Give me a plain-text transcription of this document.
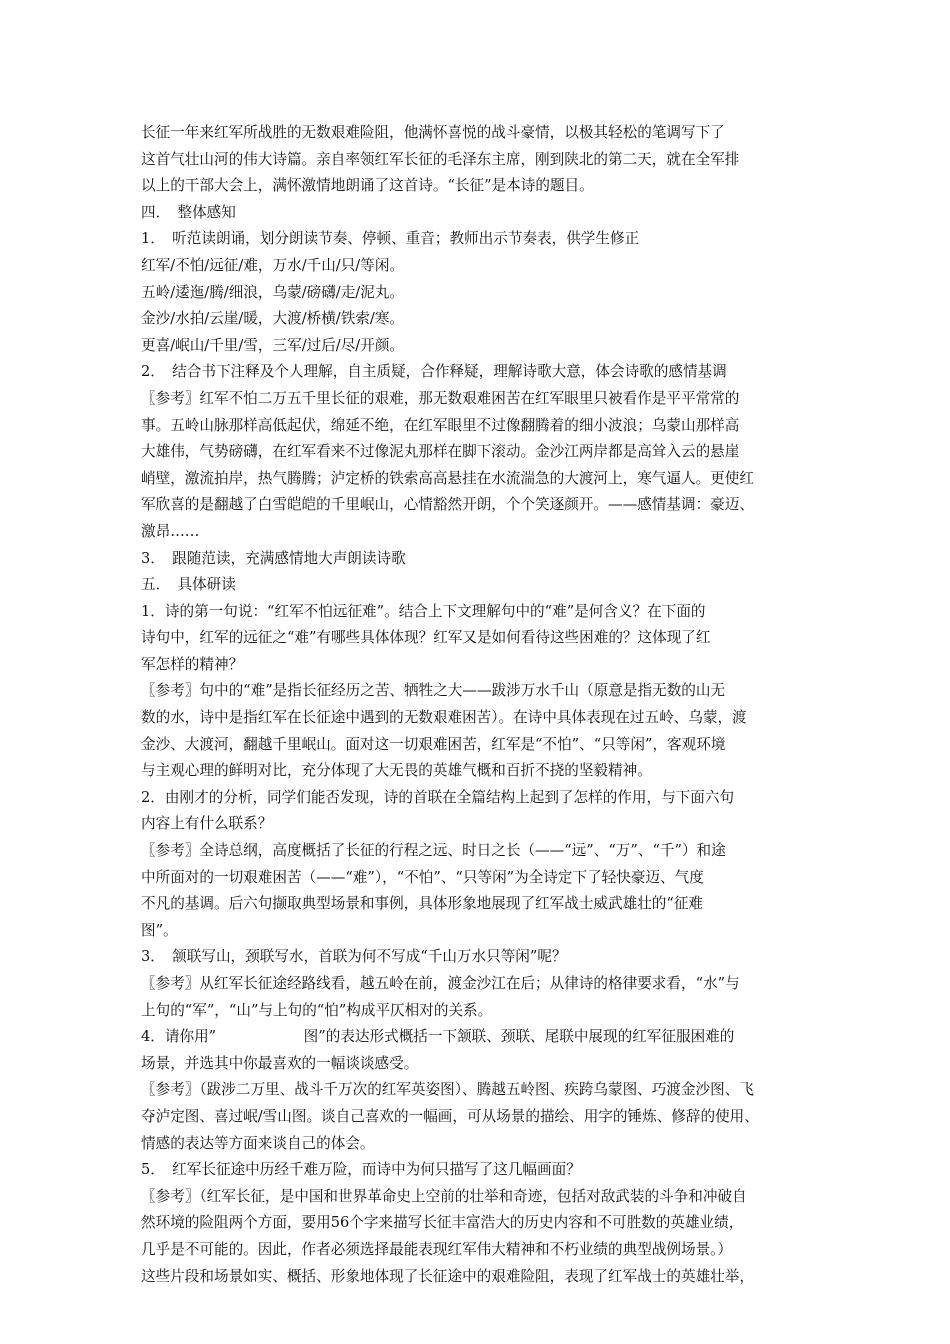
长征一年来红军所战胜的无数艰难险阻，他满怀喜悦的战斗豪情，以极其轻松的笔调写下了
这首气壮山河的伟大诗篇。亲自率领红军长征的毛泽东主席，刚到陕北的第二天，就在全军排
以上的干部大会上，满怀激情地朗诵了这首诗。“长征”是本诗的题目。
四．　整体感知
1．　听范读朗诵，划分朗读节奏、停顿、重音；教师出示节奏表，供学生修正
红军/不怕/远征/难，万水/千山/只/等闲。
五岭/逶迤/腾/细浪，乌蒙/磅礴/走/泥丸。
金沙/水拍/云崖/暖，大渡/桥横/铁索/寒。
更喜/岷山/千里/雪，三军/过后/尽/开颜。
2．　结合书下注释及个人理解，自主质疑，合作释疑，理解诗歌大意，体会诗歌的感情基调
〖参考〗红军不怕二万五千里长征的艰难，那无数艰难困苦在红军眼里只被看作是平平常常的
事。五岭山脉那样高低起伏，绵延不绝，在红军眼里不过像翻腾着的细小波浪；乌蒙山那样高
大雄伟，气势磅礴，在红军看来不过像泥丸那样在脚下滚动。金沙江两岸都是高耸入云的悬崖
峭壁，激流拍岸，热气腾腾；泸定桥的铁索高高悬挂在水流湍急的大渡河上，寒气逼人。更使红
军欣喜的是翻越了白雪皑皑的千里岷山，心情豁然开朗，个个笑逐颜开。——感情基调：豪迈、
激昂……
3．　跟随范读，充满感情地大声朗读诗歌
五．　具体研读
1．诗的第一句说：“红军不怕远征难”。结合上下文理解句中的“难”是何含义？在下面的
诗句中，红军的远征之“难”有哪些具体体现？红军又是如何看待这些困难的？这体现了红
军怎样的精神？
〖参考〗句中的“难”是指长征经历之苦、牺牲之大——跋涉万水千山（原意是指无数的山无
数的水，诗中是指红军在长征途中遇到的无数艰难困苦）。在诗中具体表现在过五岭、乌蒙，渡
金沙、大渡河，翻越千里岷山。面对这一切艰难困苦，红军是“不怕”、“只等闲”，客观环境
与主观心理的鲜明对比，充分体现了大无畏的英雄气概和百折不挠的坚毅精神。
2．由刚才的分析，同学们能否发现，诗的首联在全篇结构上起到了怎样的作用，与下面六句
内容上有什么联系？
〖参考〗全诗总纲，高度概括了长征的行程之远、时日之长（——“远”、“万”、“千”）和途
中所面对的一切艰难困苦（——“难”），“不怕”、“只等闲”为全诗定下了轻快豪迈、气度
不凡的基调。后六句撷取典型场景和事例，具体形象地展现了红军战士威武雄壮的“征难
图”。
3．　颔联写山，颈联写水，首联为何不写成“千山万水只等闲”呢？
〖参考〗从红军长征途经路线看，越五岭在前，渡金沙江在后；从律诗的格律要求看，“水”与
上句的“军”，“山”与上句的“怕”构成平仄相对的关系。
4．请你用”　　　　　　图”的表达形式概括一下颔联、颈联、尾联中展现的红军征服困难的
场景，并选其中你最喜欢的一幅谈谈感受。
〖参考〗（跋涉二万里、战斗千万次的红军英姿图）、腾越五岭图、疾跨乌蒙图、巧渡金沙图、飞
夺泸定图、喜过岷/雪山图。谈自己喜欢的一幅画，可从场景的描绘、用字的锤炼、修辞的使用、
情感的表达等方面来谈自己的体会。
5．　红军长征途中历经千难万险，而诗中为何只描写了这几幅画面？
〖参考〗（红军长征，是中国和世界革命史上空前的壮举和奇迹，包括对敌武装的斗争和冲破自
然环境的险阻两个方面，要用56个字来描写长征丰富浩大的历史内容和不可胜数的英雄业绩，
几乎是不可能的。因此，作者必须选择最能表现红军伟大精神和不朽业绩的典型战例场景。）
这些片段和场景如实、概括、形象地体现了长征途中的艰难险阻，表现了红军战士的英雄壮举，
